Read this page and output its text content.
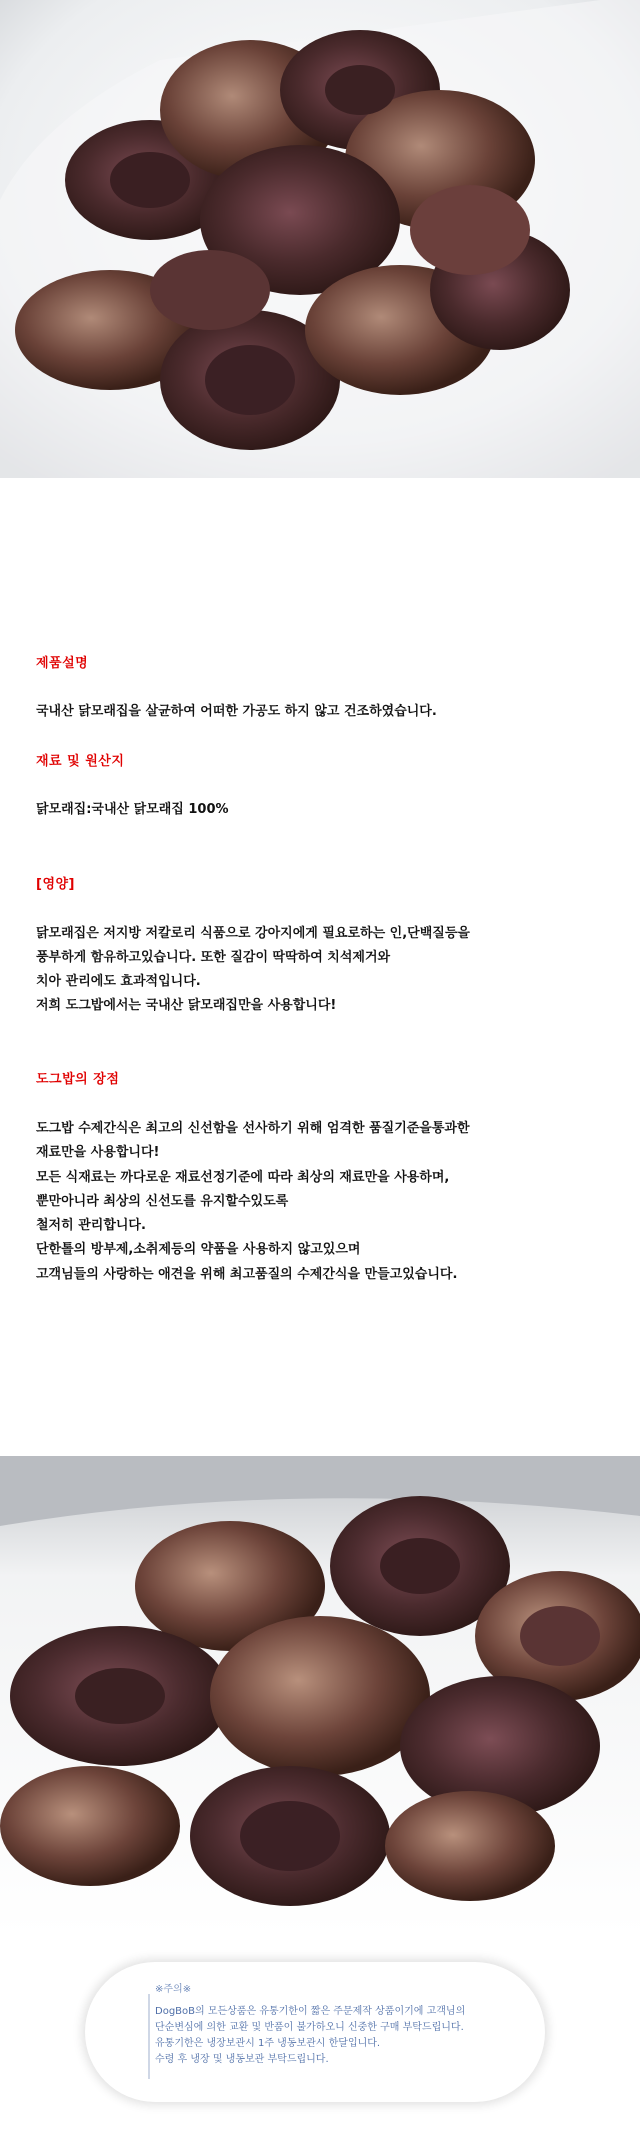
제품설명
국내산 닭모래집을 살균하여 어떠한 가공도 하지 않고 건조하였습니다.
재료 및 원산지
닭모래집:국내산 닭모래집 100%
[영양]
닭모래집은 저지방 저칼로리 식품으로 강아지에게 필요로하는 인,단백질등을
풍부하게 함유하고있습니다. 또한 질감이 딱딱하여 치석제거와
치아 관리에도 효과적입니다.
저희 도그밥에서는 국내산 닭모래집만을 사용합니다!
도그밥의 장점
도그밥 수제간식은 최고의 신선함을 선사하기 위해 엄격한 품질기준을통과한
재료만을 사용합니다!
모든 식재료는 까다로운 재료선정기준에 따라 최상의 재료만을 사용하며,
뿐만아니라 최상의 신선도를 유지할수있도록
철저히 관리합니다.
단한톨의 방부제,소취제등의 약품을 사용하지 않고있으며
고객님들의 사랑하는 애견을 위해 최고품질의 수제간식을 만들고있습니다.
※주의※
DogBoB의 모든상품은 유통기한이 짧은 주문제작 상품이기에 고객님의
단순변심에 의한 교환 및 반품이 불가하오니 신중한 구매 부탁드립니다.
유통기한은 냉장보관시 1주 냉동보관시 한달입니다.
수령 후 냉장 및 냉동보관 부탁드립니다.
